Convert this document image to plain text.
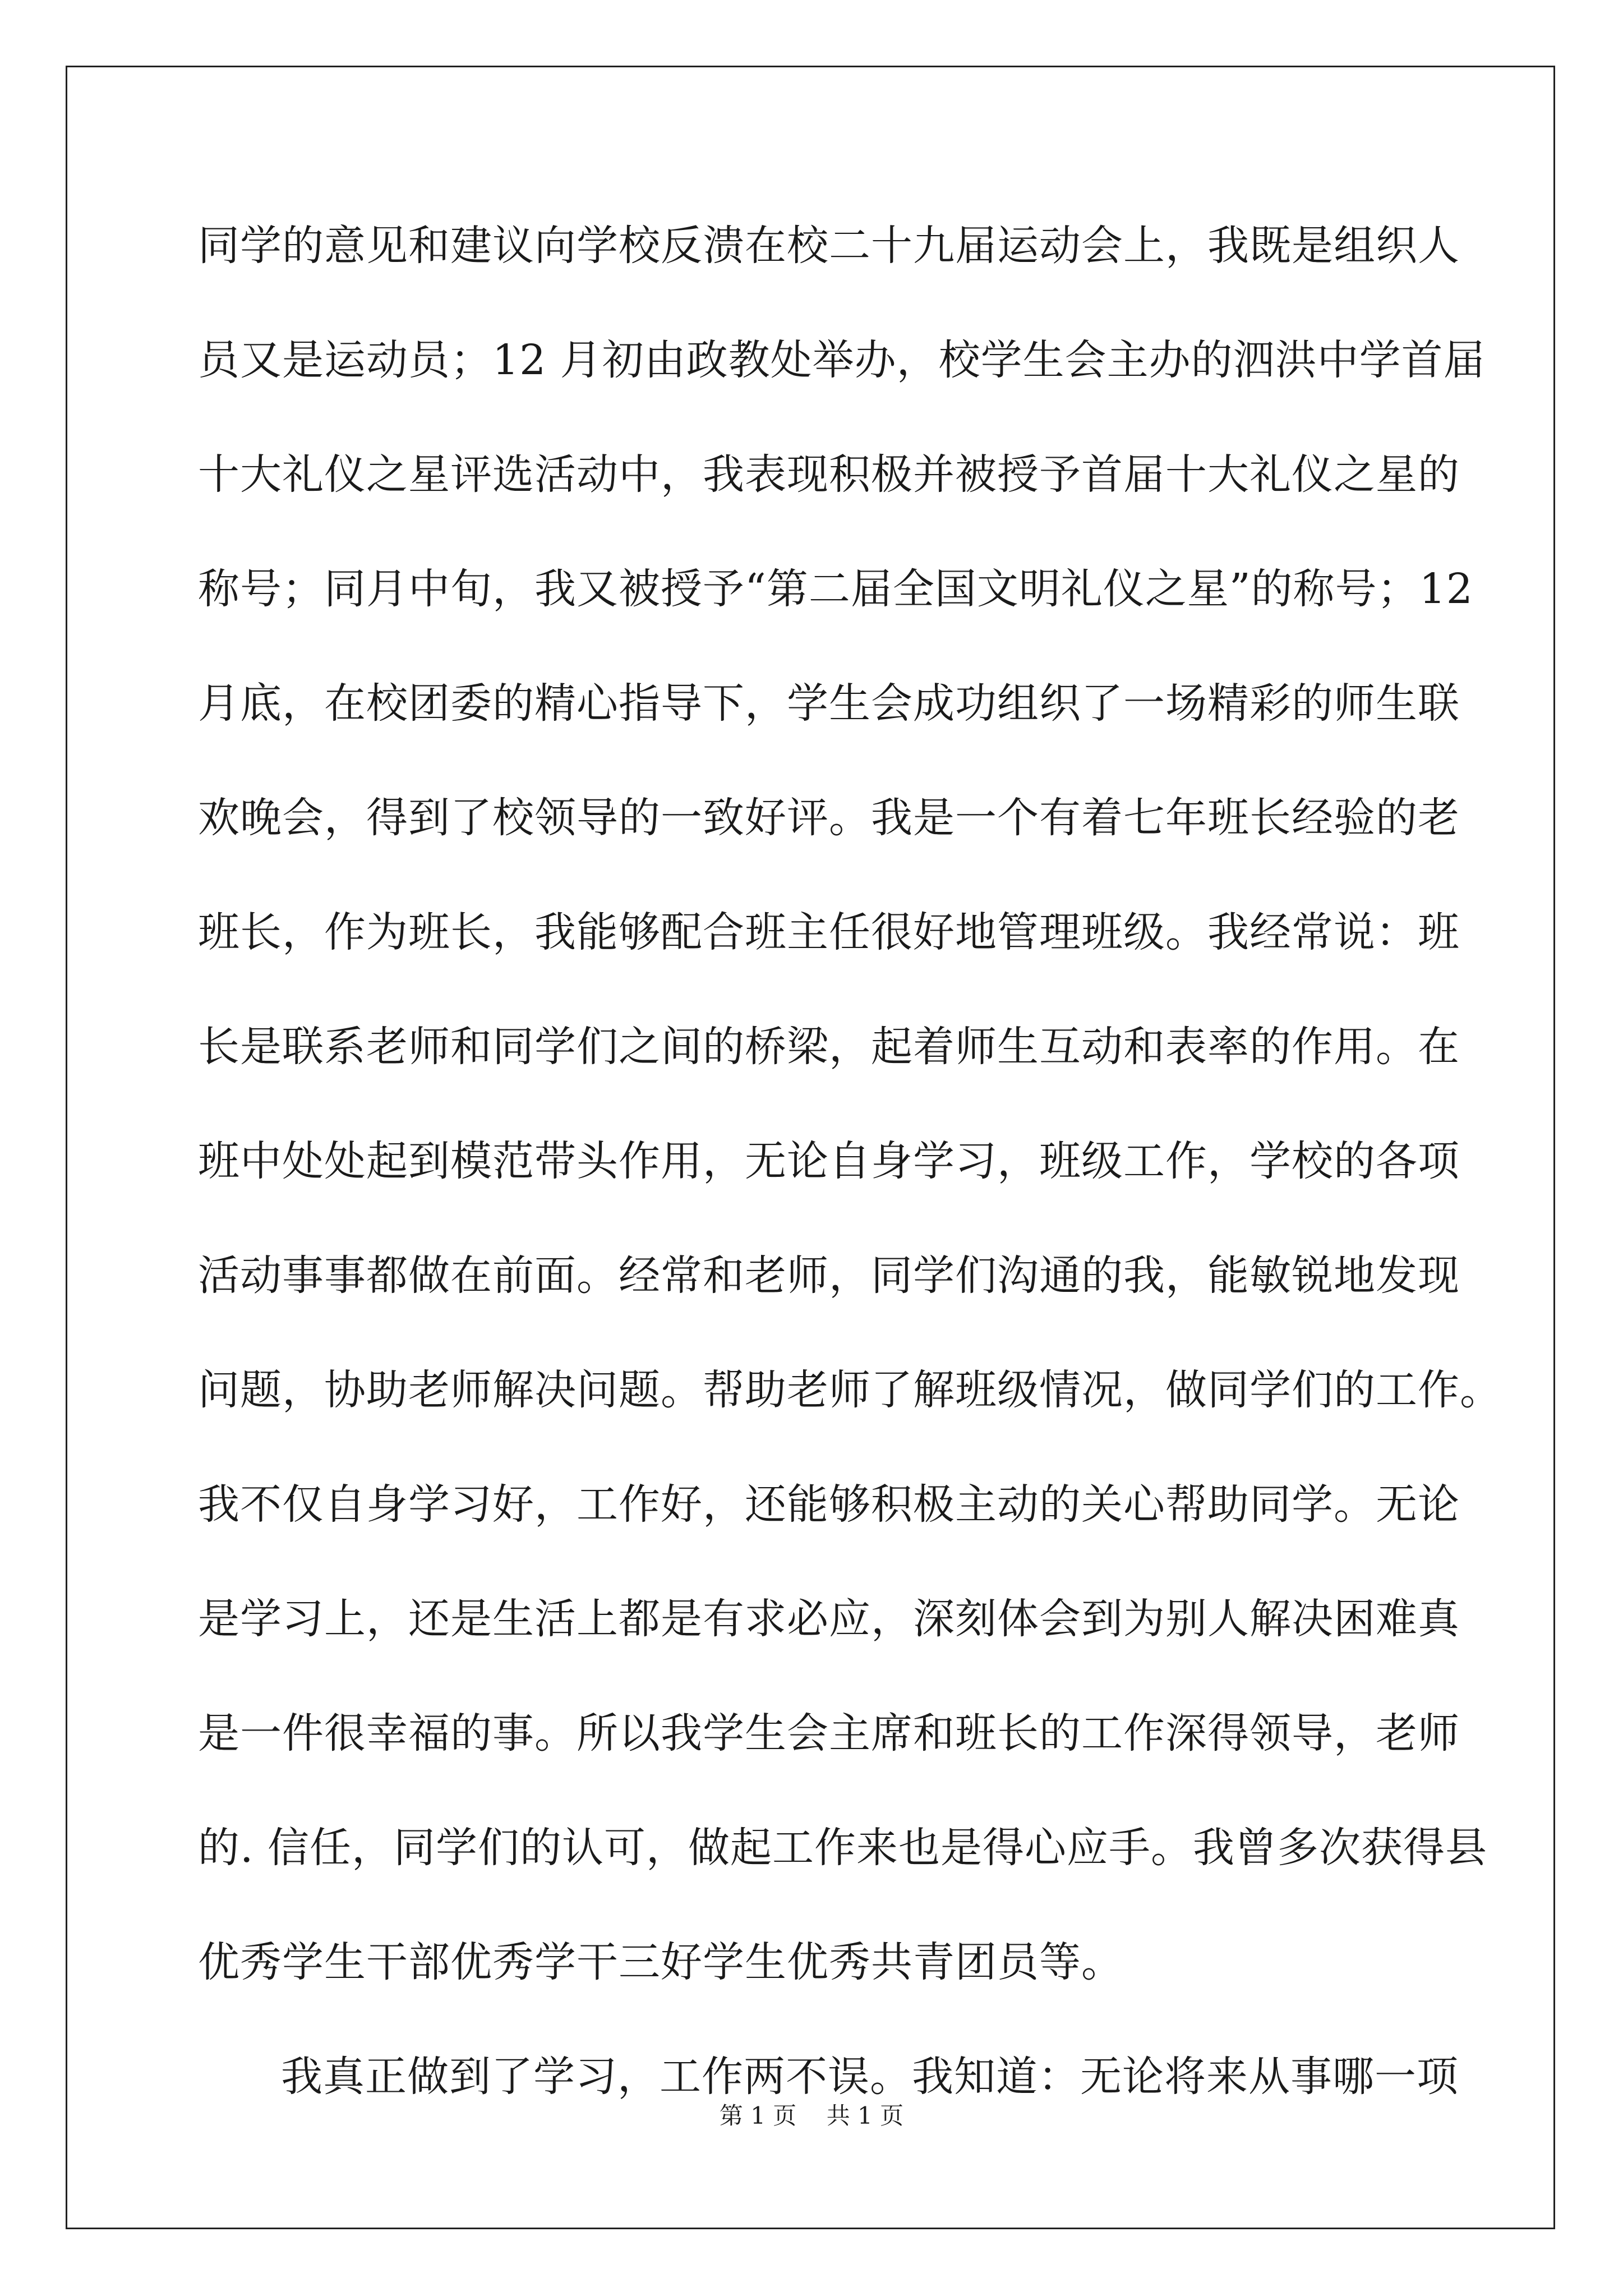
同学的意见和建议向学校反溃在校二十九届运动会上，我既是组织人
员又是运动员；12 月初由政教处举办，校学生会主办的泗洪中学首届
十大礼仪之星评选活动中，我表现积极并被授予首届十大礼仪之星的
称号；同月中旬，我又被授予“第二届全国文明礼仪之星”的称号；12
月底，在校团委的精心指导下，学生会成功组织了一场精彩的师生联
欢晚会，得到了校领导的一致好评。我是一个有着七年班长经验的老
班长，作为班长，我能够配合班主任很好地管理班级。我经常说：班
长是联系老师和同学们之间的桥梁，起着师生互动和表率的作用。在
班中处处起到模范带头作用，无论自身学习，班级工作，学校的各项
活动事事都做在前面。经常和老师，同学们沟通的我，能敏锐地发现
问题，协助老师解决问题。帮助老师了解班级情况，做同学们的工作。
我不仅自身学习好，工作好，还能够积极主动的关心帮助同学。无论
是学习上，还是生活上都是有求必应，深刻体会到为别人解决困难真
是一件很幸福的事。所以我学生会主席和班长的工作深得领导，老师
的. 信任，同学们的认可，做起工作来也是得心应手。我曾多次获得县
优秀学生干部优秀学干三好学生优秀共青团员等。
我真正做到了学习，工作两不误。我知道：无论将来从事哪一项
第 1 页    共 1 页
